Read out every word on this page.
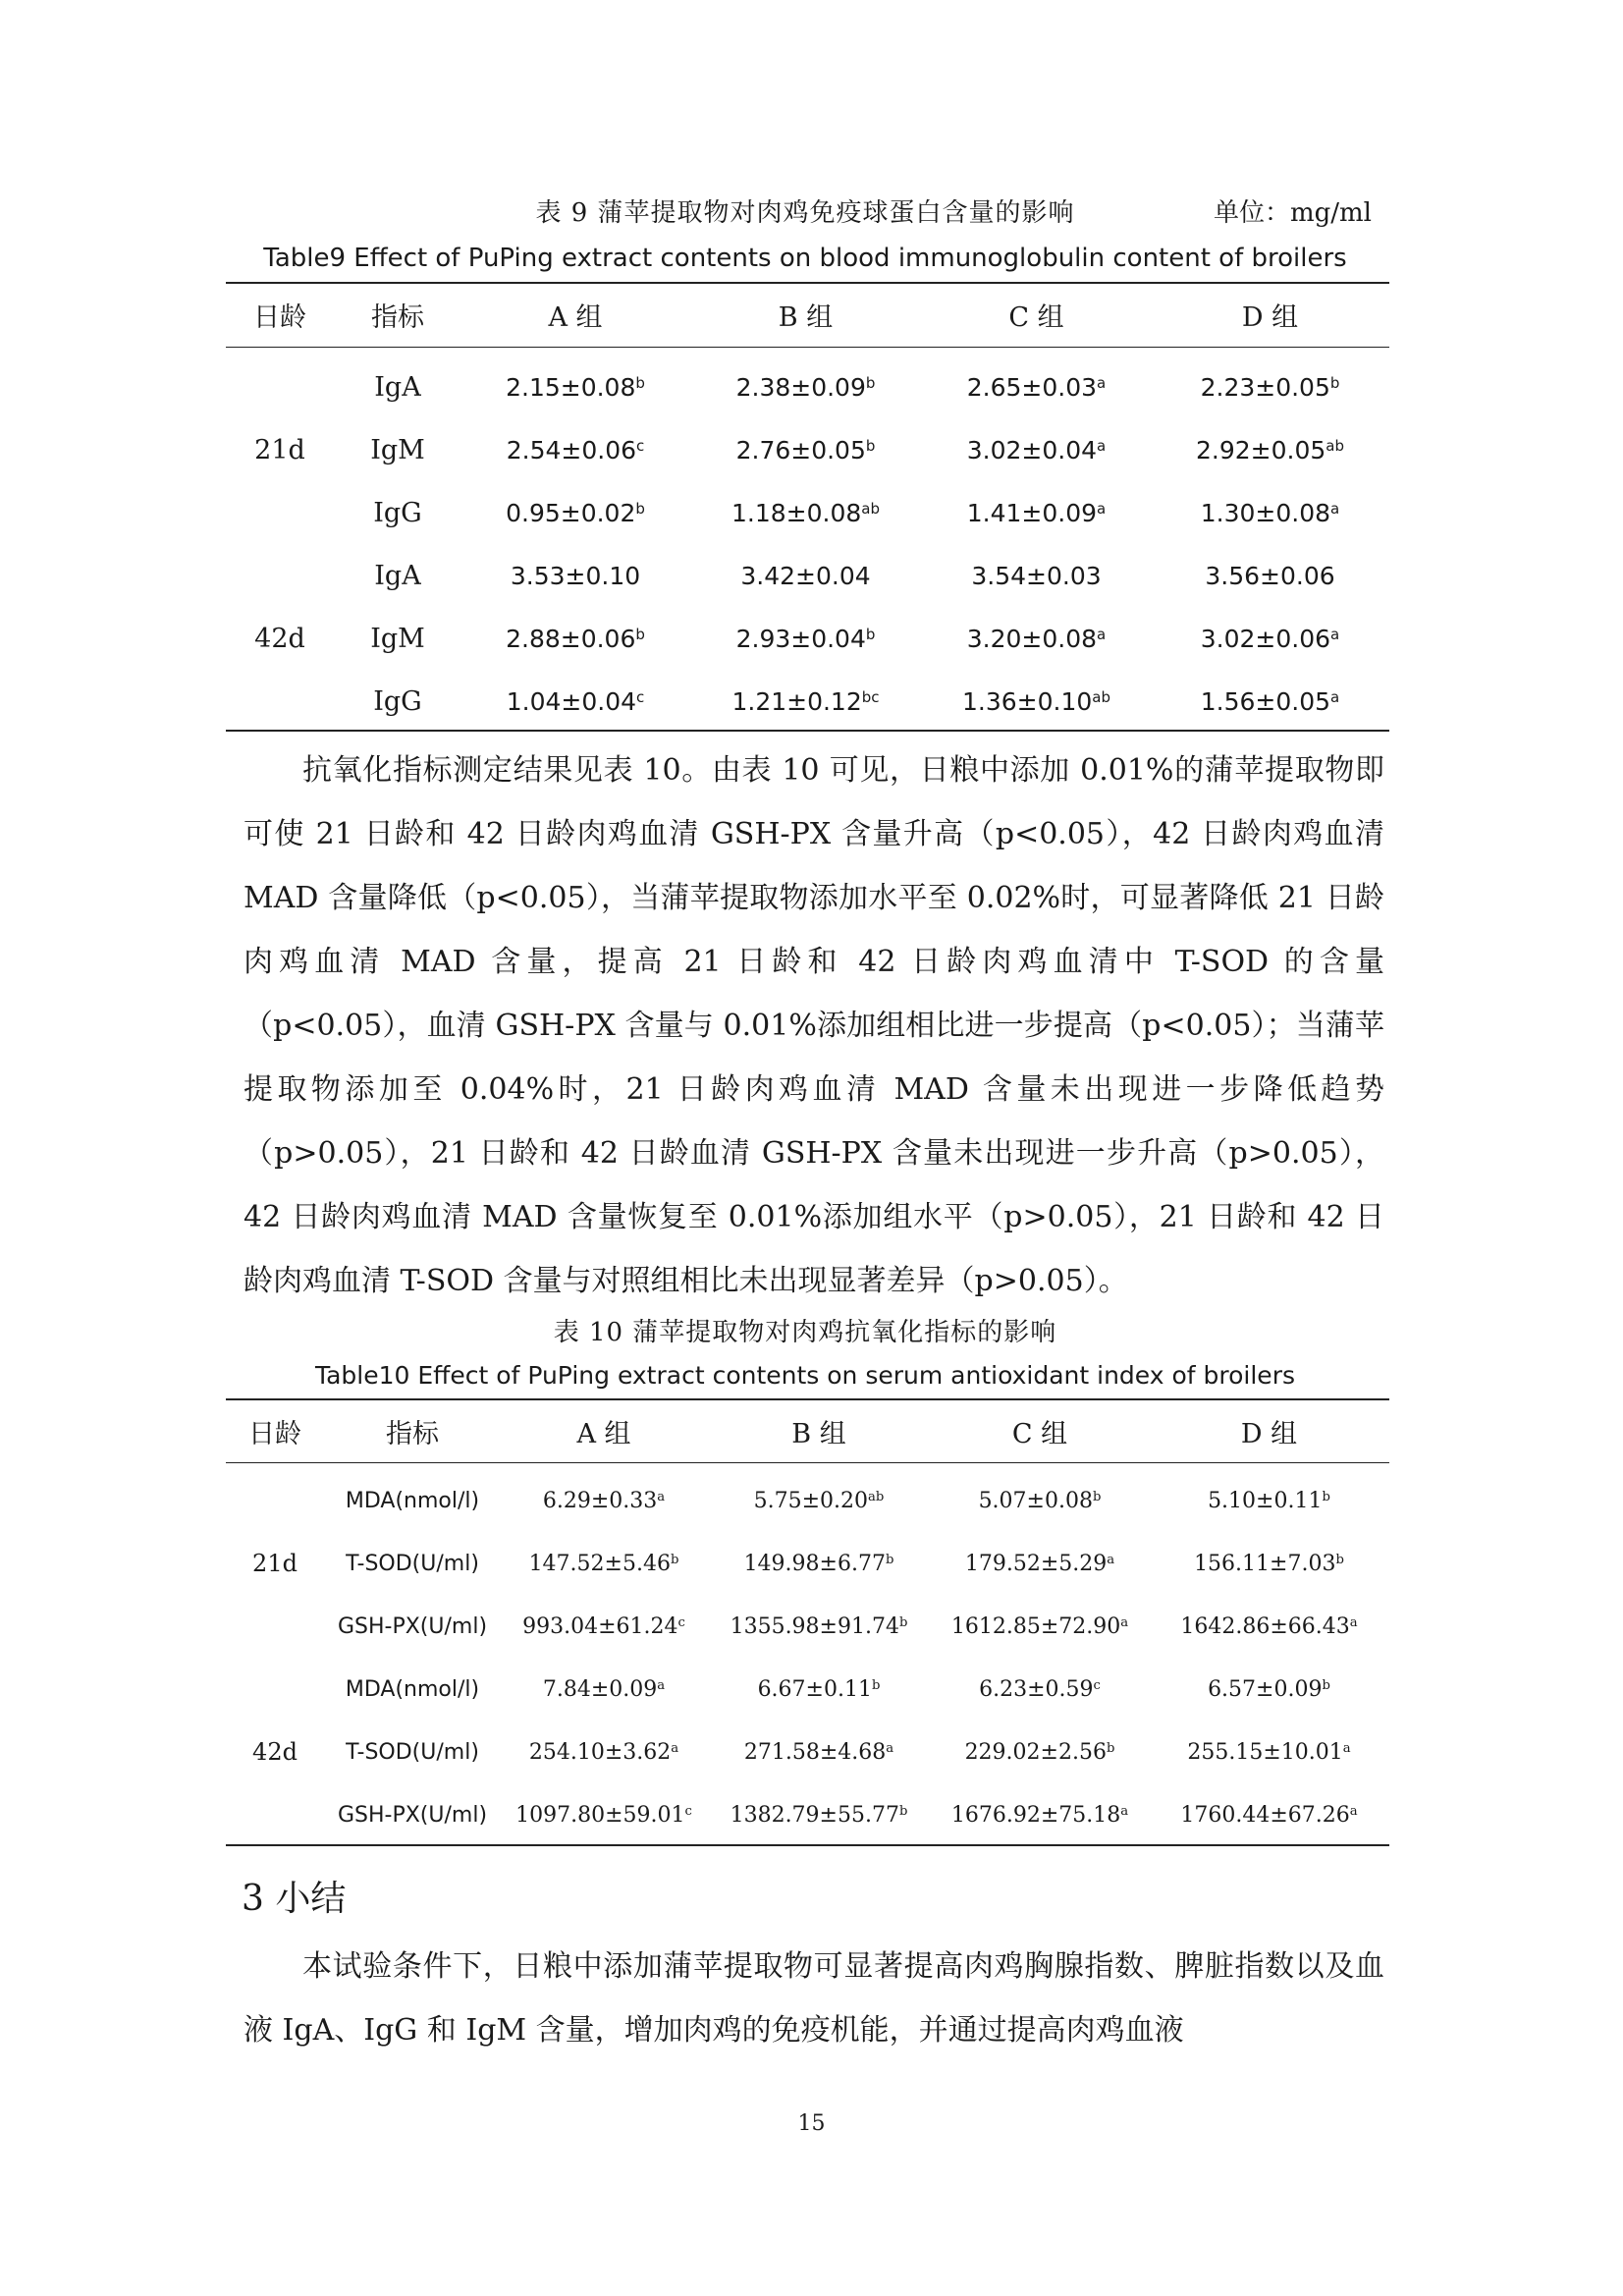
表 9 蒲苹提取物对肉鸡免疫球蛋白含量的影响	单位：mg/ml
Table9 Effect of PuPing extract contents on blood immunoglobulin content of broilers
日龄	指标	A 组	B 组	C 组	D 组
21d	IgA	2.15±0.08$^b$	2.38±0.09$^b$	2.65±0.03$^a$	2.23±0.05$^b$
	IgM	2.54±0.06$^c$	2.76±0.05$^b$	3.02±0.04$^a$	2.92±0.05$^{ab}$
	IgG	0.95±0.02$^b$	1.18±0.08$^{ab}$	1.41±0.09$^a$	1.30±0.08$^a$
42d	IgA	3.53±0.10	3.42±0.04	3.54±0.03	3.56±0.06
	IgM	2.88±0.06$^b$	2.93±0.04$^b$	3.20±0.08$^a$	3.02±0.06$^a$
	IgG	1.04±0.04$^c$	1.21±0.12$^{bc}$	1.36±0.10$^{ab}$	1.56±0.05$^a$

抗氧化指标测定结果见表 10。由表 10 可见，日粮中添加 0.01%的蒲苹提取物即可使 21 日龄和 42 日龄肉鸡血清 GSH-PX 含量升高（p<0.05），42 日龄肉鸡血清 MAD 含量降低（p<0.05），当蒲苹提取物添加水平至 0.02%时，可显著降低 21 日龄肉鸡血清 MAD 含量，提高 21 日龄和 42 日龄肉鸡血清中 T-SOD 的含量（p<0.05），血清 GSH-PX 含量与 0.01%添加组相比进一步提高（p<0.05）；当蒲苹提取物添加至 0.04%时，21 日龄肉鸡血清 MAD 含量未出现进一步降低趋势（p>0.05），21 日龄和 42 日龄血清 GSH-PX 含量未出现进一步升高（p>0.05），42 日龄肉鸡血清 MAD 含量恢复至 0.01%添加组水平（p>0.05），21 日龄和 42 日龄肉鸡血清 T-SOD 含量与对照组相比未出现显著差异（p>0.05）。

表 10 蒲苹提取物对肉鸡抗氧化指标的影响
Table10 Effect of PuPing extract contents on serum antioxidant index of broilers
日龄	指标	A 组	B 组	C 组	D 组
21d	MDA(nmol/l)	6.29±0.33$^a$	5.75±0.20$^{ab}$	5.07±0.08$^b$	5.10±0.11$^b$
	T-SOD(U/ml)	147.52±5.46$^b$	149.98±6.77$^b$	179.52±5.29$^a$	156.11±7.03$^b$
	GSH-PX(U/ml)	993.04±61.24$^c$	1355.98±91.74$^b$	1612.85±72.90$^a$	1642.86±66.43$^a$
42d	MDA(nmol/l)	7.84±0.09$^a$	6.67±0.11$^b$	6.23±0.59$^c$	6.57±0.09$^b$
	T-SOD(U/ml)	254.10±3.62$^a$	271.58±4.68$^a$	229.02±2.56$^b$	255.15±10.01$^a$
	GSH-PX(U/ml)	1097.80±59.01$^c$	1382.79±55.77$^b$	1676.92±75.18$^a$	1760.44±67.26$^a$
3 小结

本试验条件下，日粮中添加蒲苹提取物可显著提高肉鸡胸腺指数、脾脏指数以及血液 IgA、IgG 和 IgM 含量，增加肉鸡的免疫机能，并通过提高肉鸡血液

15
